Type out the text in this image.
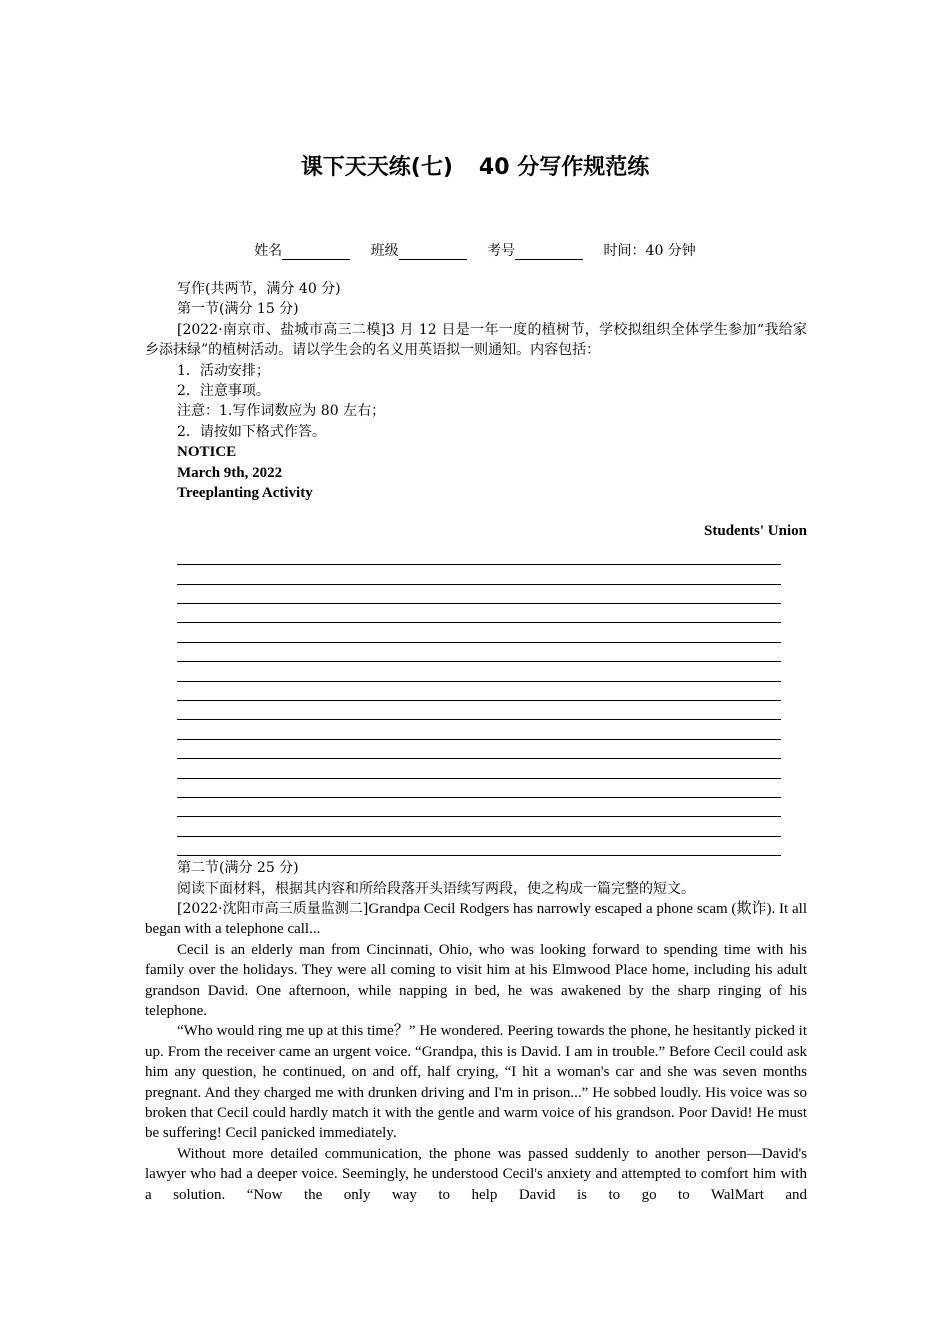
课下天天练(七) 40 分写作规范练
姓名	班级	考号	时间：40 分钟

写作(共两节，满分 40 分)

第一节(满分 15 分)

[2022·南京市、盐城市高三二模]3 月 12 日是一年一度的植树节，学校拟组织全体学生参加“我给家乡添抹绿”的植树活动。请以学生会的名义用英语拟一则通知。内容包括：

1．活动安排；

2．注意事项。

注意：1.写作词数应为 80 左右；

2．请按如下格式作答。

NOTICE

March 9th, 2022

Treeplanting Activity

Students' Union

第二节(满分 25 分)

阅读下面材料，根据其内容和所给段落开头语续写两段，使之构成一篇完整的短文。

[2022·沈阳市高三质量监测二]Grandpa Cecil Rodgers has narrowly escaped a phone scam (欺诈). It all began with a telephone call...

Cecil is an elderly man from Cincinnati, Ohio, who was looking forward to spending time with his family over the holidays. They were all coming to visit him at his Elmwood Place home, including his adult grandson David. One afternoon, while napping in bed, he was awakened by the sharp ringing of his telephone.

“Who would ring me up at this time？” He wondered. Peering towards the phone, he hesitantly picked it up. From the receiver came an urgent voice. “Grandpa, this is David. I am in trouble.” Before Cecil could ask him any question, he continued, on and off, half crying, “I hit a woman's car and she was seven months pregnant. And they charged me with drunken driving and I'm in prison...” He sobbed loudly. His voice was so broken that Cecil could hardly match it with the gentle and warm voice of his grandson. Poor David! He must be suffering! Cecil panicked immediately.

Without more detailed communication, the phone was passed suddenly to another person—David's lawyer who had a deeper voice. Seemingly, he understood Cecil's anxiety and attempted to comfort him with a solution. “Now the only way to help David is to go to WalMart and
